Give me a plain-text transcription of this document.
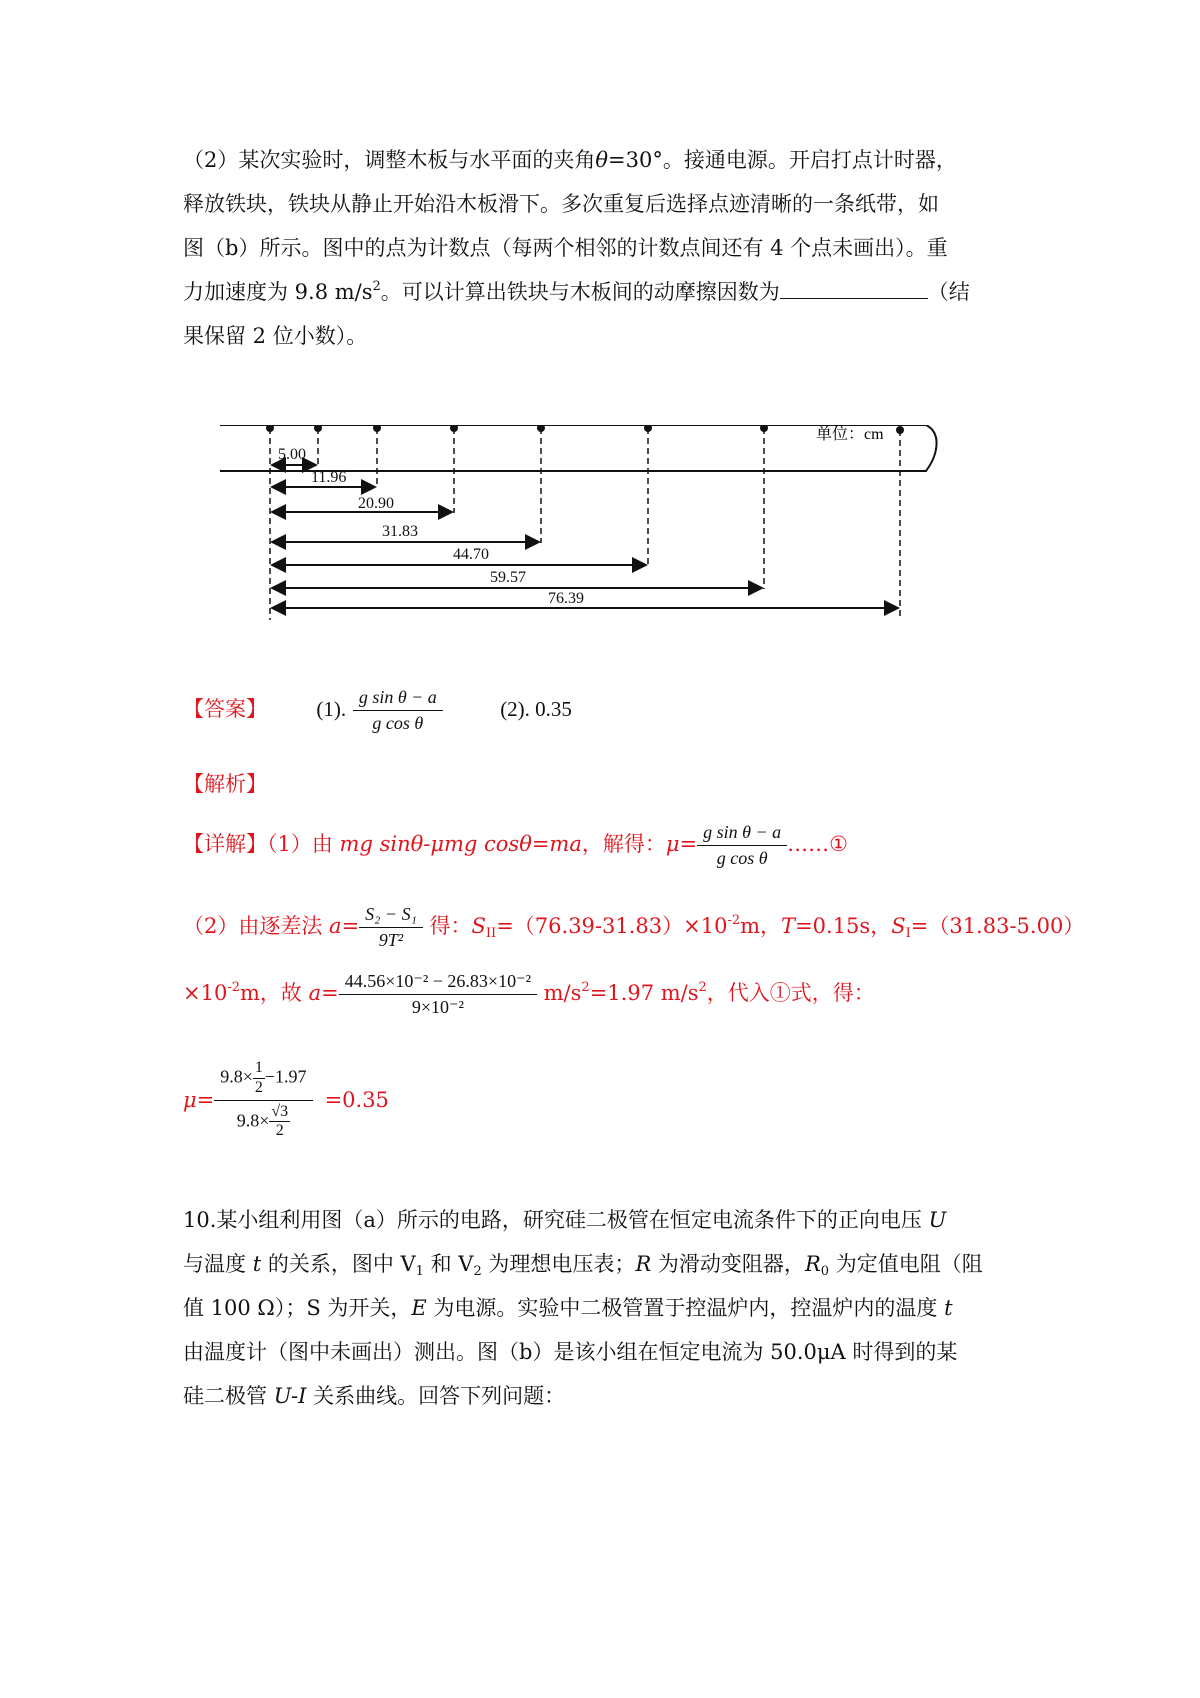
（2）某次实验时，调整木板与水平面的夹角θ=30°。接通电源。开启打点计时器，
释放铁块，铁块从静止开始沿木板滑下。多次重复后选择点迹清晰的一条纸带，如
图（b）所示。图中的点为计数点（每两个相邻的计数点间还有 4 个点未画出）。重
力加速度为 9.8 $m/s^2$。可以计算出铁块与木板间的动摩擦因数为	（结
果保留 2 位小数）。
单位：cm
5.00
11.96
20.90
31.83
44.70
59.57
76.39
【答案】 (1). $\frac{\text{g sin θ − a}}{\text{g cos θ}}$	(2). 0.35
【解析】
【详解】（1）由 mg sinθ-μmg cosθ=ma，解得：$\mu= \frac{\text{g sin θ − a}}{\text{g cos θ}}$ ……①
（2）由逐差法 $a= \frac{\text{S₂ − S₁}}{\text{9T²}}$ 得：$S_{II}=(76.39-31.83)\times 10^{-2}m$，T=0.15s，$S_I=(31.83-5.00)$
$\times 10^{-2}m$，故 $a= \frac{\text{44.56×10⁻² − 26.83×10⁻²}}{\text{9×10⁻²}} m/s^2=1.97$ $m/s^2$，代入①式，得：
$\mu= \frac{9.8\times \frac{1}{2} -1.97}{9.8\times \frac{√3}{2}} =0.35$
10.某小组利用图（a）所示的电路，研究硅二极管在恒定电流条件下的正向电压 U
与温度 t 的关系，图中 $V_1$ 和 $V_2$ 为理想电压表；R 为滑动变阻器，$R_0$ 为定值电阻（阻
值 100 Ω）；S 为开关，E 为电源。实验中二极管置于控温炉内，控温炉内的温度 t
由温度计（图中未画出）测出。图（b）是该小组在恒定电流为 50.0μA 时得到的某
硅二极管 U-I 关系曲线。回答下列问题：
